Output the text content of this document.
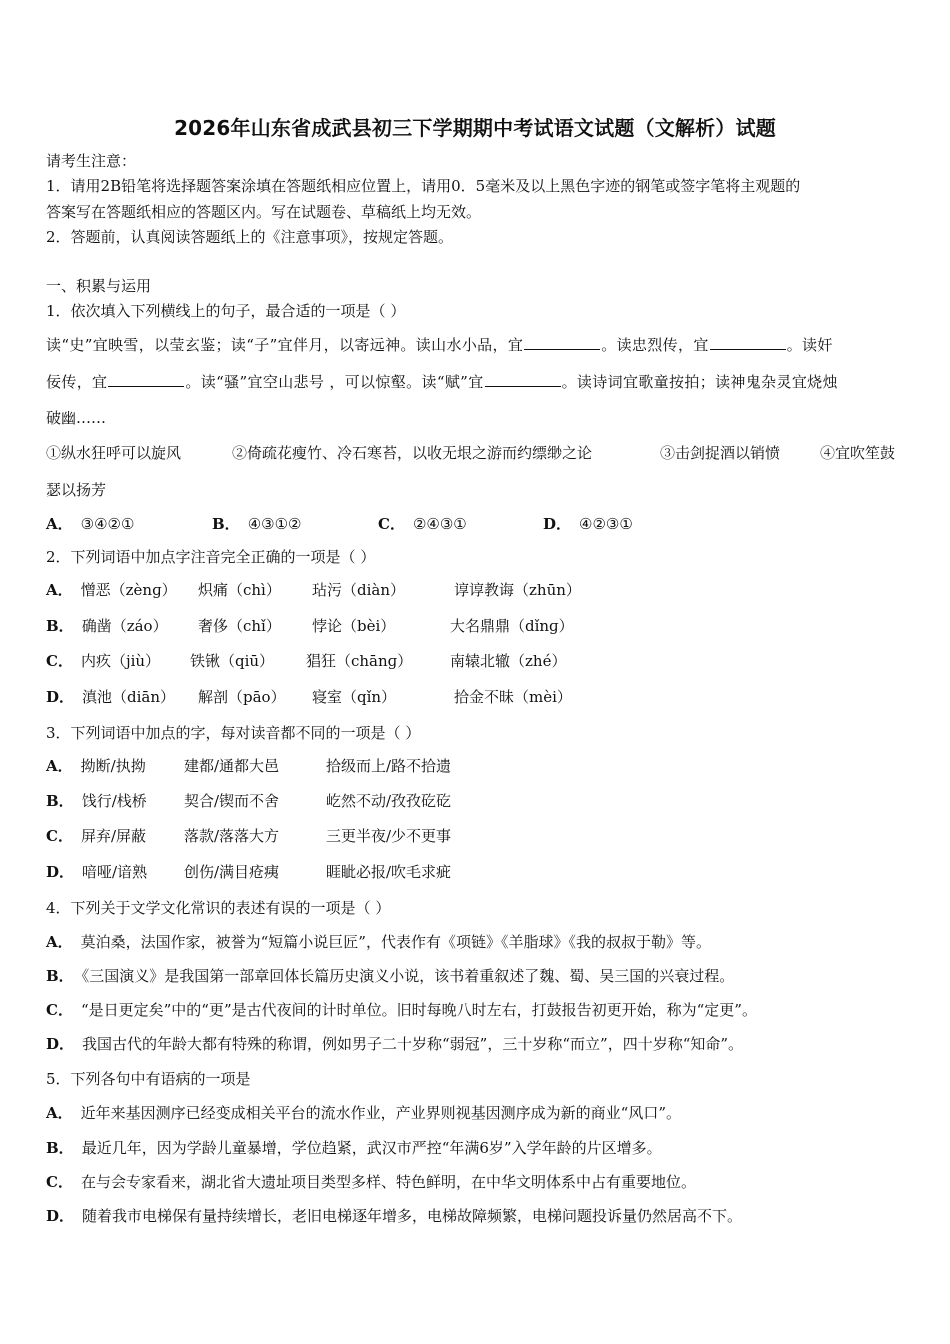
2026年山东省成武县初三下学期期中考试语文试题（文解析）试题
请考生注意：
1．请用2B铅笔将选择题答案涂填在答题纸相应位置上，请用0．5毫米及以上黑色字迹的钢笔或签字笔将主观题的
答案写在答题纸相应的答题区内。写在试题卷、草稿纸上均无效。
2．答题前，认真阅读答题纸上的《注意事项》，按规定答题。
一、积累与运用
1．依次填入下列横线上的句子，最合适的一项是（ ）
读“史”宜映雪，以莹玄鉴；读“子”宜伴月，以寄远神。读山水小品，宜	。读忠烈传，宜	。读奸
佞传，宜	。读“骚”宜空山悲号 ，可以惊壑。读“赋”宜	。读诗词宜歌童按拍；读神鬼杂灵宜烧烛
破幽……
①纵水狂呼可以旋风	②倚疏花瘦竹、冷石寒苔，以收无垠之游而约缥缈之论	③击剑捉酒以销愤	④宜吹笙鼓
瑟以扬芳
A． ③④②①	B． ④③①②	C． ②④③①	D． ④②③①
2．下列词语中加点字注音完全正确的一项是（ ）
A． 憎恶（zènɡ） 炽痛（chì） 玷污（diàn）	谆谆教诲（zhūn）
B． 确凿（záo） 奢侈（chǐ） 悖论（bèi）	大名鼎鼎（dǐnɡ）
C． 内疚（jiù） 铁锹（qiū） 猖狂（chānɡ）	南辕北辙（zhé）
D． 滇池（diān） 解剖（pāo） 寝室（qǐn）	拾金不昧（mèi）
3．下列词语中加点的字，每对读音都不同的一项是（ ）
A． 拗断/执拗	建都/通都大邑	拾级而上/路不拾遗
B． 饯行/栈桥 契合/锲而不舍	屹然不动/孜孜矻矻
C． 屏弃/屏蔽	落款/落落大方	三更半夜/少不更事
D． 喑哑/谙熟 创伤/满目疮痍	睚眦必报/吹毛求疵
4．下列关于文学文化常识的表述有误的一项是（ ）
A． 莫泊桑，法国作家，被誉为“短篇小说巨匠”，代表作有《项链》《羊脂球》《我的叔叔于勒》等。
B． 《三国演义》是我国第一部章回体长篇历史演义小说，该书着重叙述了魏、蜀、吴三国的兴衰过程。
C． “是日更定矣”中的“更”是古代夜间的计时单位。旧时每晚八时左右，打鼓报告初更开始，称为“定更”。
D． 我国古代的年龄大都有特殊的称谓，例如男子二十岁称“弱冠”，三十岁称“而立”，四十岁称“知命”。
5．下列各句中有语病的一项是
A． 近年来基因测序已经变成相关平台的流水作业，产业界则视基因测序成为新的商业“风口”。
B． 最近几年，因为学龄儿童暴增，学位趋紧，武汉市严控“年满6岁”入学年龄的片区增多。
C． 在与会专家看来，湖北省大遗址项目类型多样、特色鲜明，在中华文明体系中占有重要地位。
D． 随着我市电梯保有量持续增长，老旧电梯逐年增多，电梯故障频繁，电梯问题投诉量仍然居高不下。
